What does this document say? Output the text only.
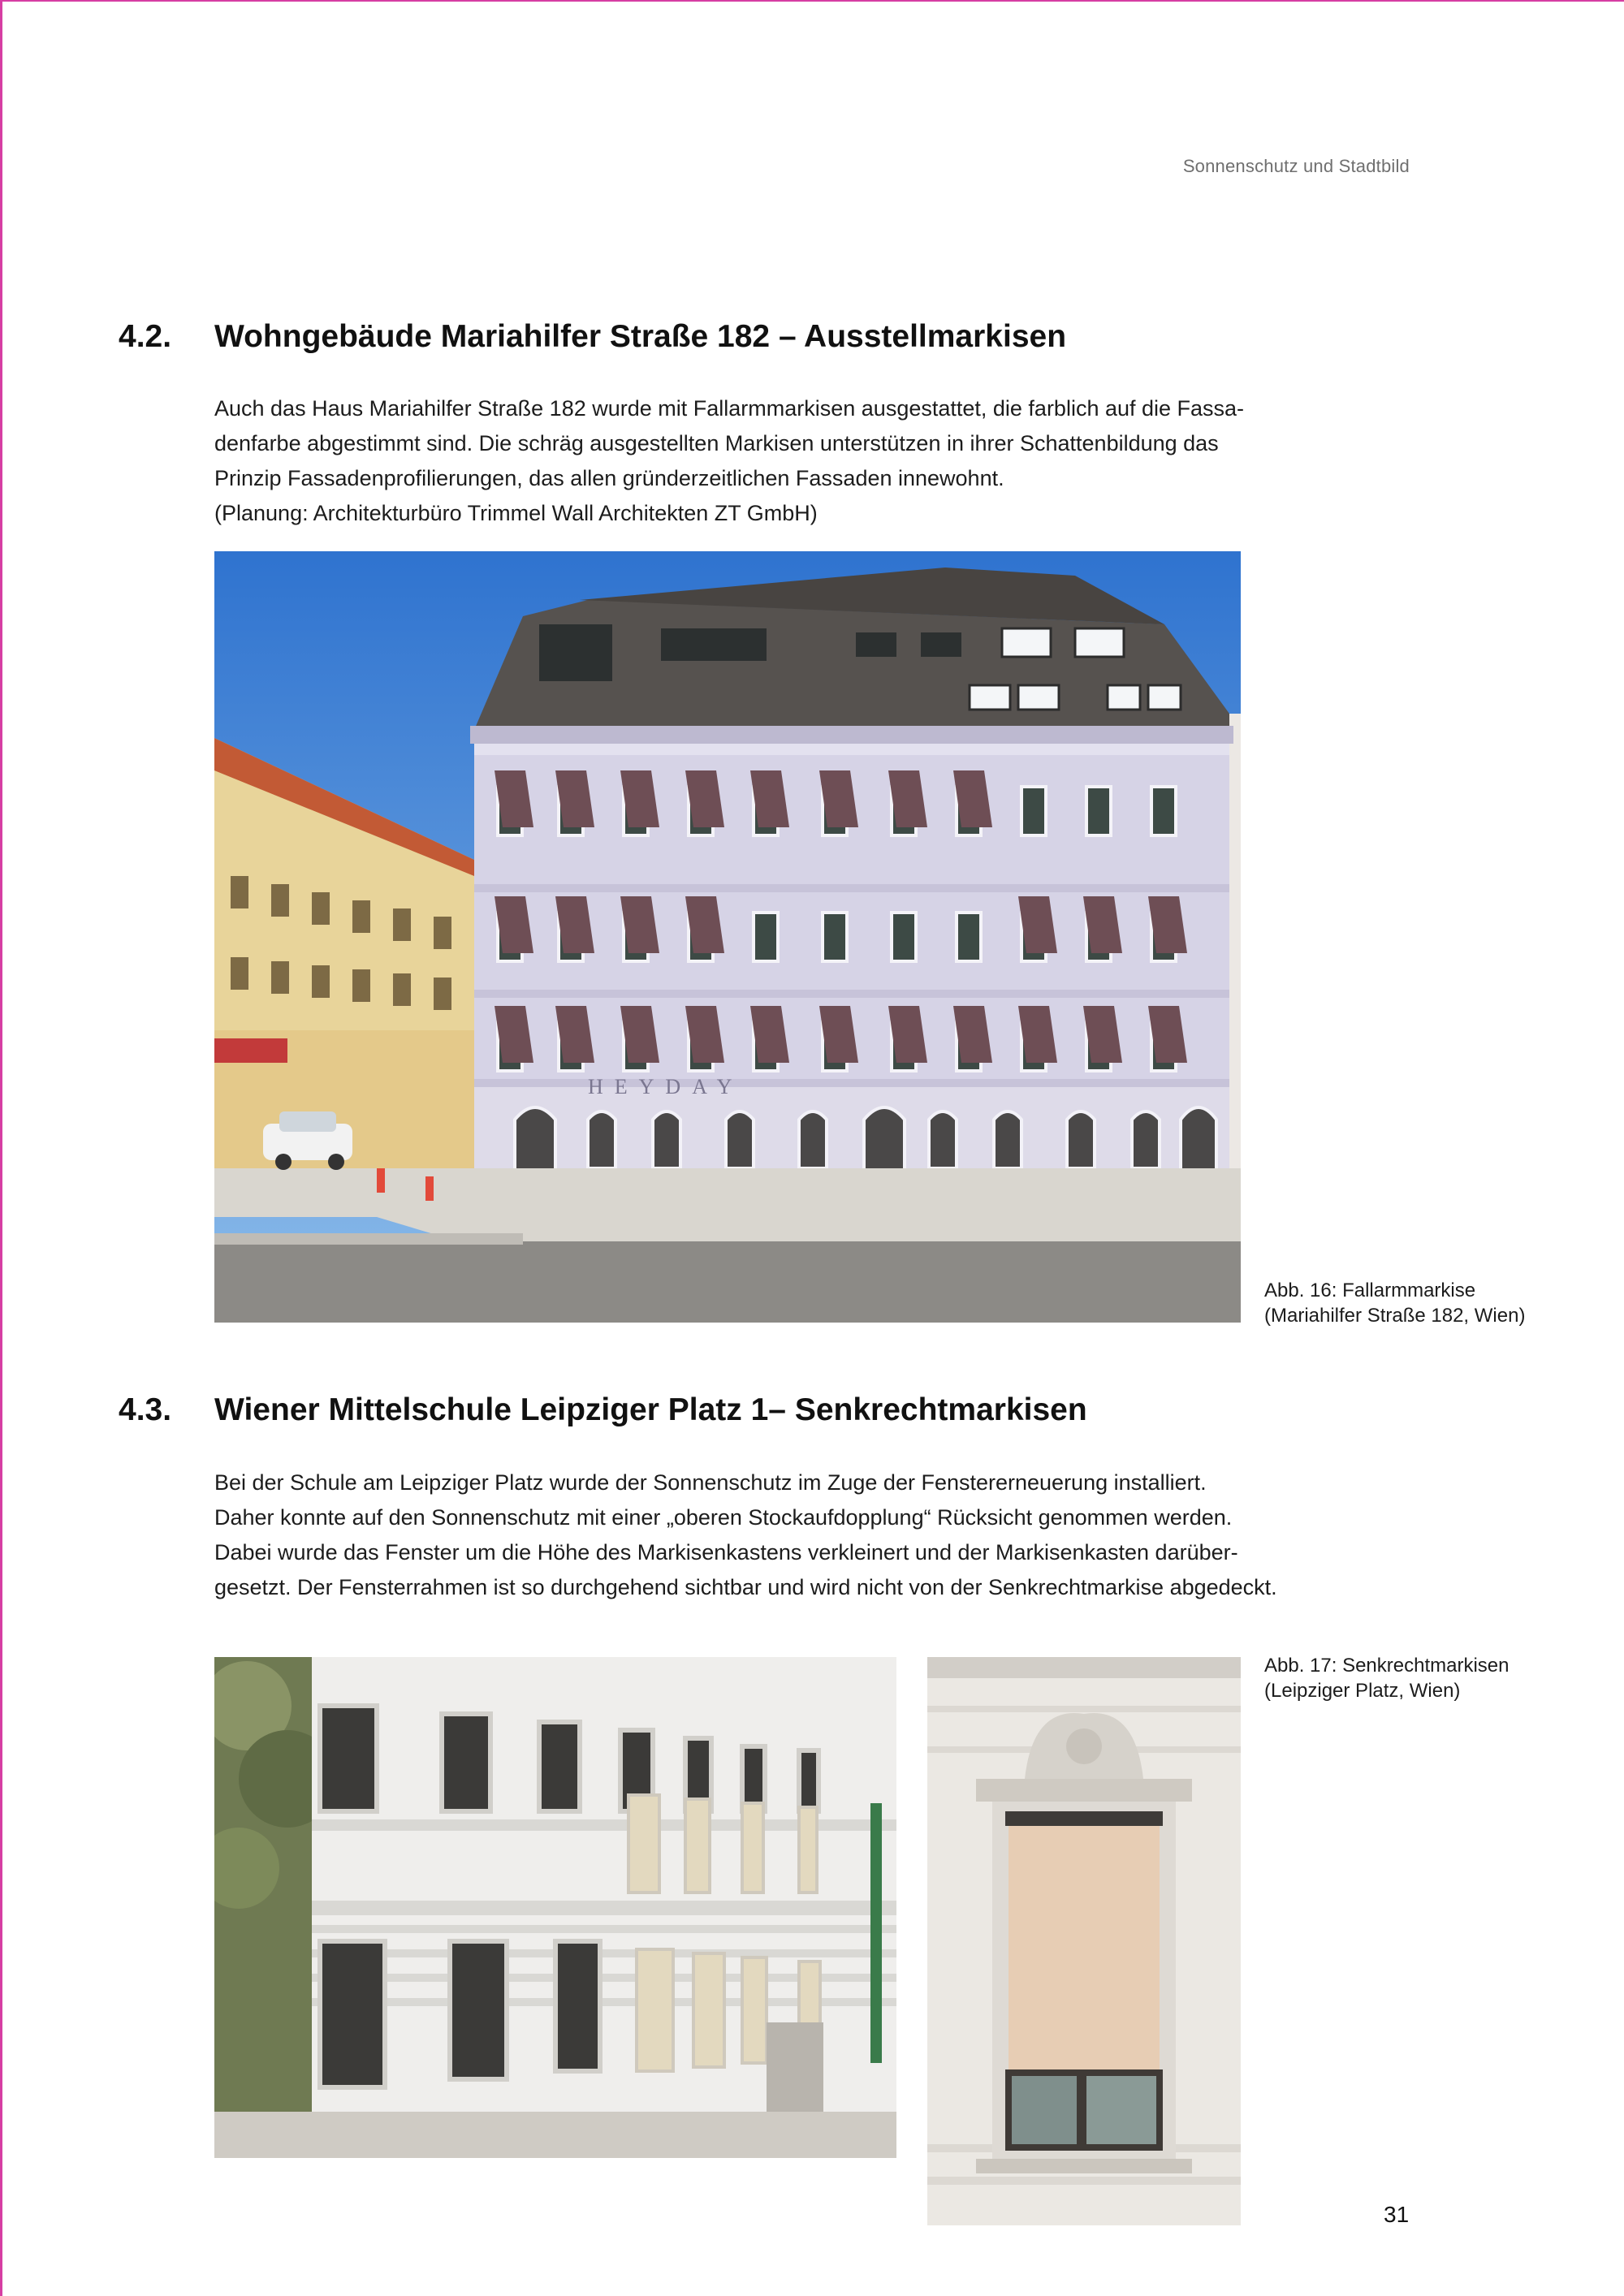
Sonnenschutz und Stadtbild
4.2. Wohngebäude Mariahilfer Straße 182 – Ausstellmarkisen
Auch das Haus Mariahilfer Straße 182 wurde mit Fallarmmarkisen ausgestattet, die farblich auf die Fassa-
denfarbe abgestimmt sind. Die schräg ausgestellten Markisen unterstützen in ihrer Schattenbildung das
Prinzip Fassadenprofilierungen, das allen gründerzeitlichen Fassaden innewohnt.
(Planung: Architekturbüro Trimmel Wall Architekten ZT GmbH)
HEYDAY
Abb. 16: Fallarmmarkise
(Mariahilfer Straße 182, Wien)
4.3. Wiener Mittelschule Leipziger Platz 1– Senkrechtmarkisen
Bei der Schule am Leipziger Platz wurde der Sonnenschutz im Zuge der Fenstererneuerung installiert.
Daher konnte auf den Sonnenschutz mit einer „oberen Stockaufdopplung“ Rücksicht genommen werden.
Dabei wurde das Fenster um die Höhe des Markisenkastens verkleinert und der Markisenkasten darüber-
gesetzt. Der Fensterrahmen ist so durchgehend sichtbar und wird nicht von der Senkrechtmarkise abgedeckt.
Abb. 17: Senkrechtmarkisen
(Leipziger Platz, Wien)
31
